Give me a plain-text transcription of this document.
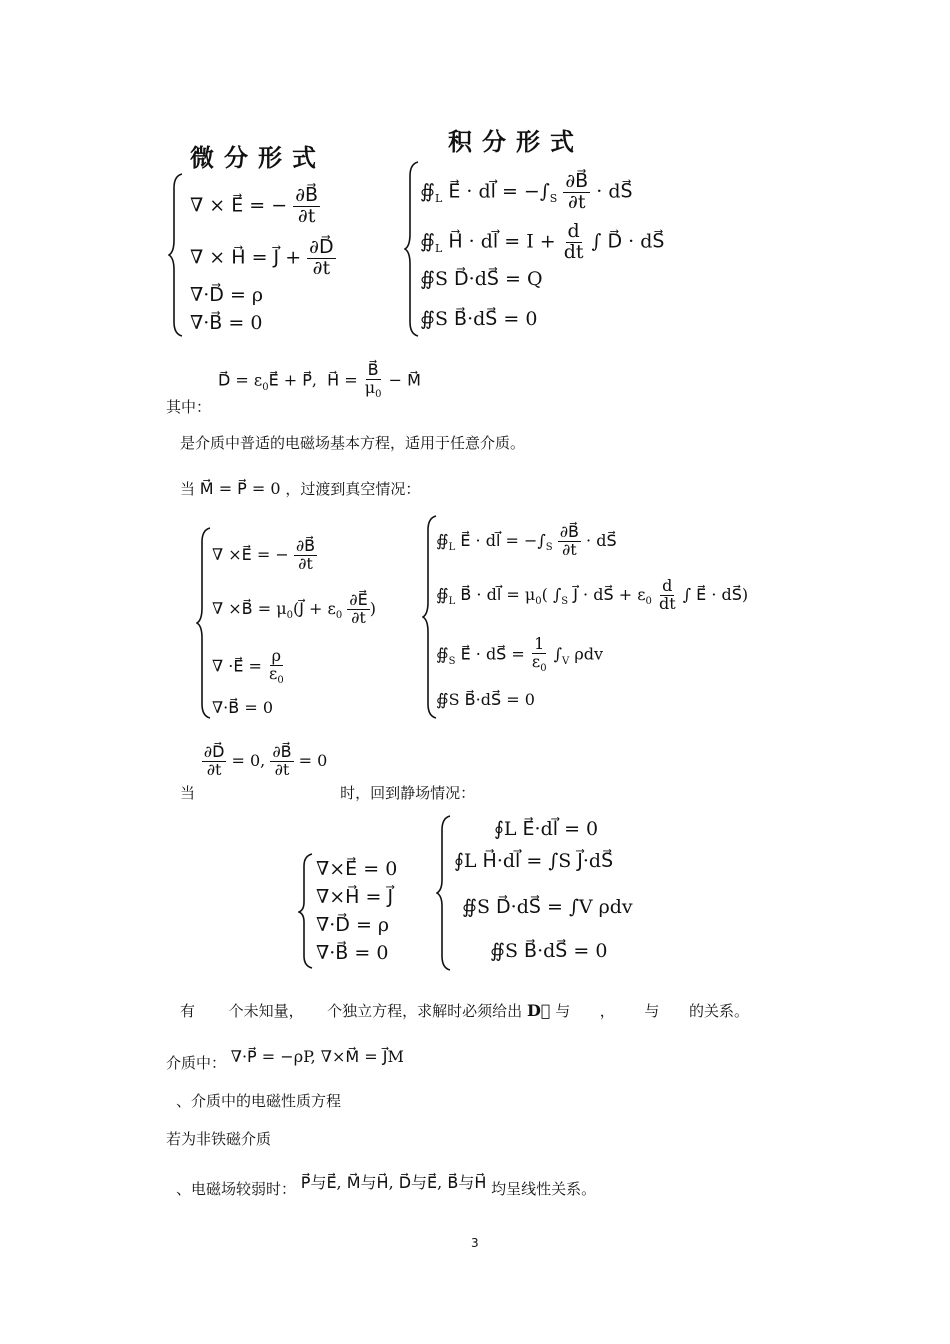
微分形式
积分形式
∇ × E⃗ = − $\frac{\partial B⃗}{\partial t}$
∇ × H⃗ = J⃗ + $\frac{\partial D⃗}{\partial t}$
∇·D⃗ = ρ
∇·B⃗ = 0
$∯_L$ E⃗ · dl⃗ = $-\int_S \frac{\partial B⃗}{\partial t}$ · dS⃗
$∯_L$ H⃗ · dl⃗ = $I + \frac{d}{dt}$ ∫ D⃗ · dS⃗
∯S D⃗·dS⃗ = Q
∯S B⃗·dS⃗ = 0
D⃗ = $\varepsilon_0E⃗$ + P⃗,  H⃗ = $\frac{B⃗}{\mu_0}$ − M⃗
其中：
是介质中普适的电磁场基本方程，适用于任意介质。
当 M⃗ = P⃗ = 0 ，过渡到真空情况：
∇ ×E⃗ = − $\frac{\partial B⃗}{\partial t}$
∇ ×B⃗ = $\mu_0(J⃗ + \varepsilon_0 \frac{\partial E⃗}{\partial t}$ )
∇ ·E⃗ = $\frac{\rho}{\varepsilon_0}$
∇·B⃗ = 0
$∯_L$ E⃗ · dl⃗ = $-\int_S \frac{\partial B⃗}{\partial t}$ · dS⃗
$∯_L$ B⃗ · dl⃗ = $\mu_0$( $\int_S$ J⃗ · dS⃗ + $\varepsilon_0 \frac{d}{dt}$ ∫ E⃗ · dS⃗)
$∯_S$ E⃗ · dS⃗ = $\frac{1}{\varepsilon_0} \int_V$ ρdv
∯S B⃗·dS⃗ = 0
当
$\frac{\partial D⃗}{\partial t} = 0$, $\frac{\partial B⃗}{\partial t} = 0$ 时，回到静场情况：
∇×E⃗ = 0
∇×H⃗ = J⃗
∇·D⃗ = ρ
∇·B⃗ = 0
∮L E⃗·dl⃗ = 0
∮L H⃗·dl⃗ = ∫S J⃗·dS⃗
∯S D⃗·dS⃗ = ∫V ρdv
∯S B⃗·dS⃗ = 0
有 个未知量， 个独立方程，求解时必须给出 D⃗ 与 ， 与 的关系。
介质中： ∇·P⃗ = −ρP, ∇×M⃗ = J⃗M
、介质中的电磁性质方程
若为非铁磁介质
、电磁场较弱时： P⃗与E⃗, M⃗与H⃗, D⃗与E⃗, B⃗与H⃗ 均呈线性关系。
3
